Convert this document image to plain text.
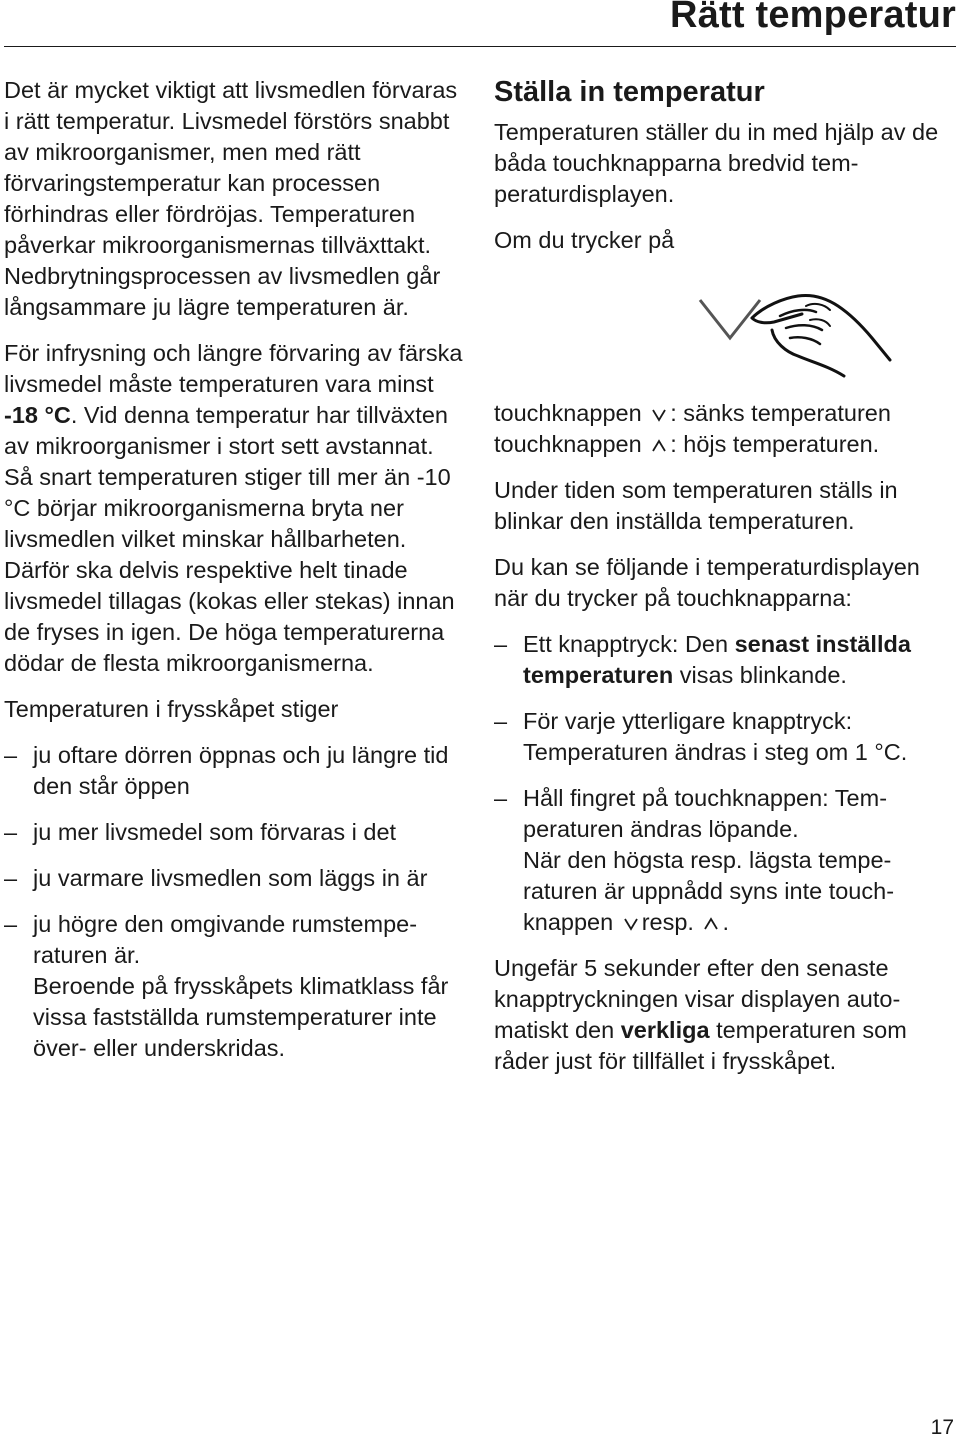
Rätt temperatur

Det är mycket viktigt att livsmedlen förvaras i rätt temperatur. Livsmedel förstörs snabbt av mikroorganismer, men med rätt förvaringstemperatur kan processen förhindras eller fördröjas. Temperaturen påverkar mikroorganismernas tillväxttakt. Nedbrytningsprocessen av livsmedlen går långsammare ju lägre temperaturen är.

För infrysning och längre förvaring av färska livsmedel måste temperaturen vara minst -18 °C. Vid denna temperatur har tillväxten av mikroorganismer i stort sett avstannat. Så snart temperaturen stiger till mer än -10 °C börjar mikroorganismerna bryta ner livsmedlen vilket minskar hållbarheten. Därför ska delvis respektive helt tinade livsmedel tillagas (kokas eller stekas) innan de fryses in igen. De höga temperaturerna dödar de flesta mikroorganismerna.

Temperaturen i frysskåpet stiger

– ju oftare dörren öppnas och ju längre tid den står öppen
– ju mer livsmedel som förvaras i det
– ju varmare livsmedlen som läggs in är
– ju högre den omgivande rumstemperaturen är.
Beroende på frysskåpets klimatklass får vissa fastställda rumstemperaturer inte över- eller underskridas.
Ställa in temperatur

Temperaturen ställer du in med hjälp av de båda touchknapparna bredvid temperaturdisplayen.

Om du trycker på

touchknappen : sänks temperaturen
touchknappen : höjs temperaturen.

Under tiden som temperaturen ställs in blinkar den inställda temperaturen.

Du kan se följande i temperaturdisplayen när du trycker på touchknapparna:

– Ett knapptryck: Den senast inställda temperaturen visas blinkande.
– För varje ytterligare knapptryck: Temperaturen ändras i steg om 1 °C.
– Håll fingret på touchknappen: Temperaturen ändras löpande.
När den högsta resp. lägsta temperaturen är uppnådd syns inte touchknappen resp. .

Ungefär 5 sekunder efter den senaste knapptryckningen visar displayen automatiskt den verkliga temperaturen som råder just för tillfället i frysskåpet.

17
